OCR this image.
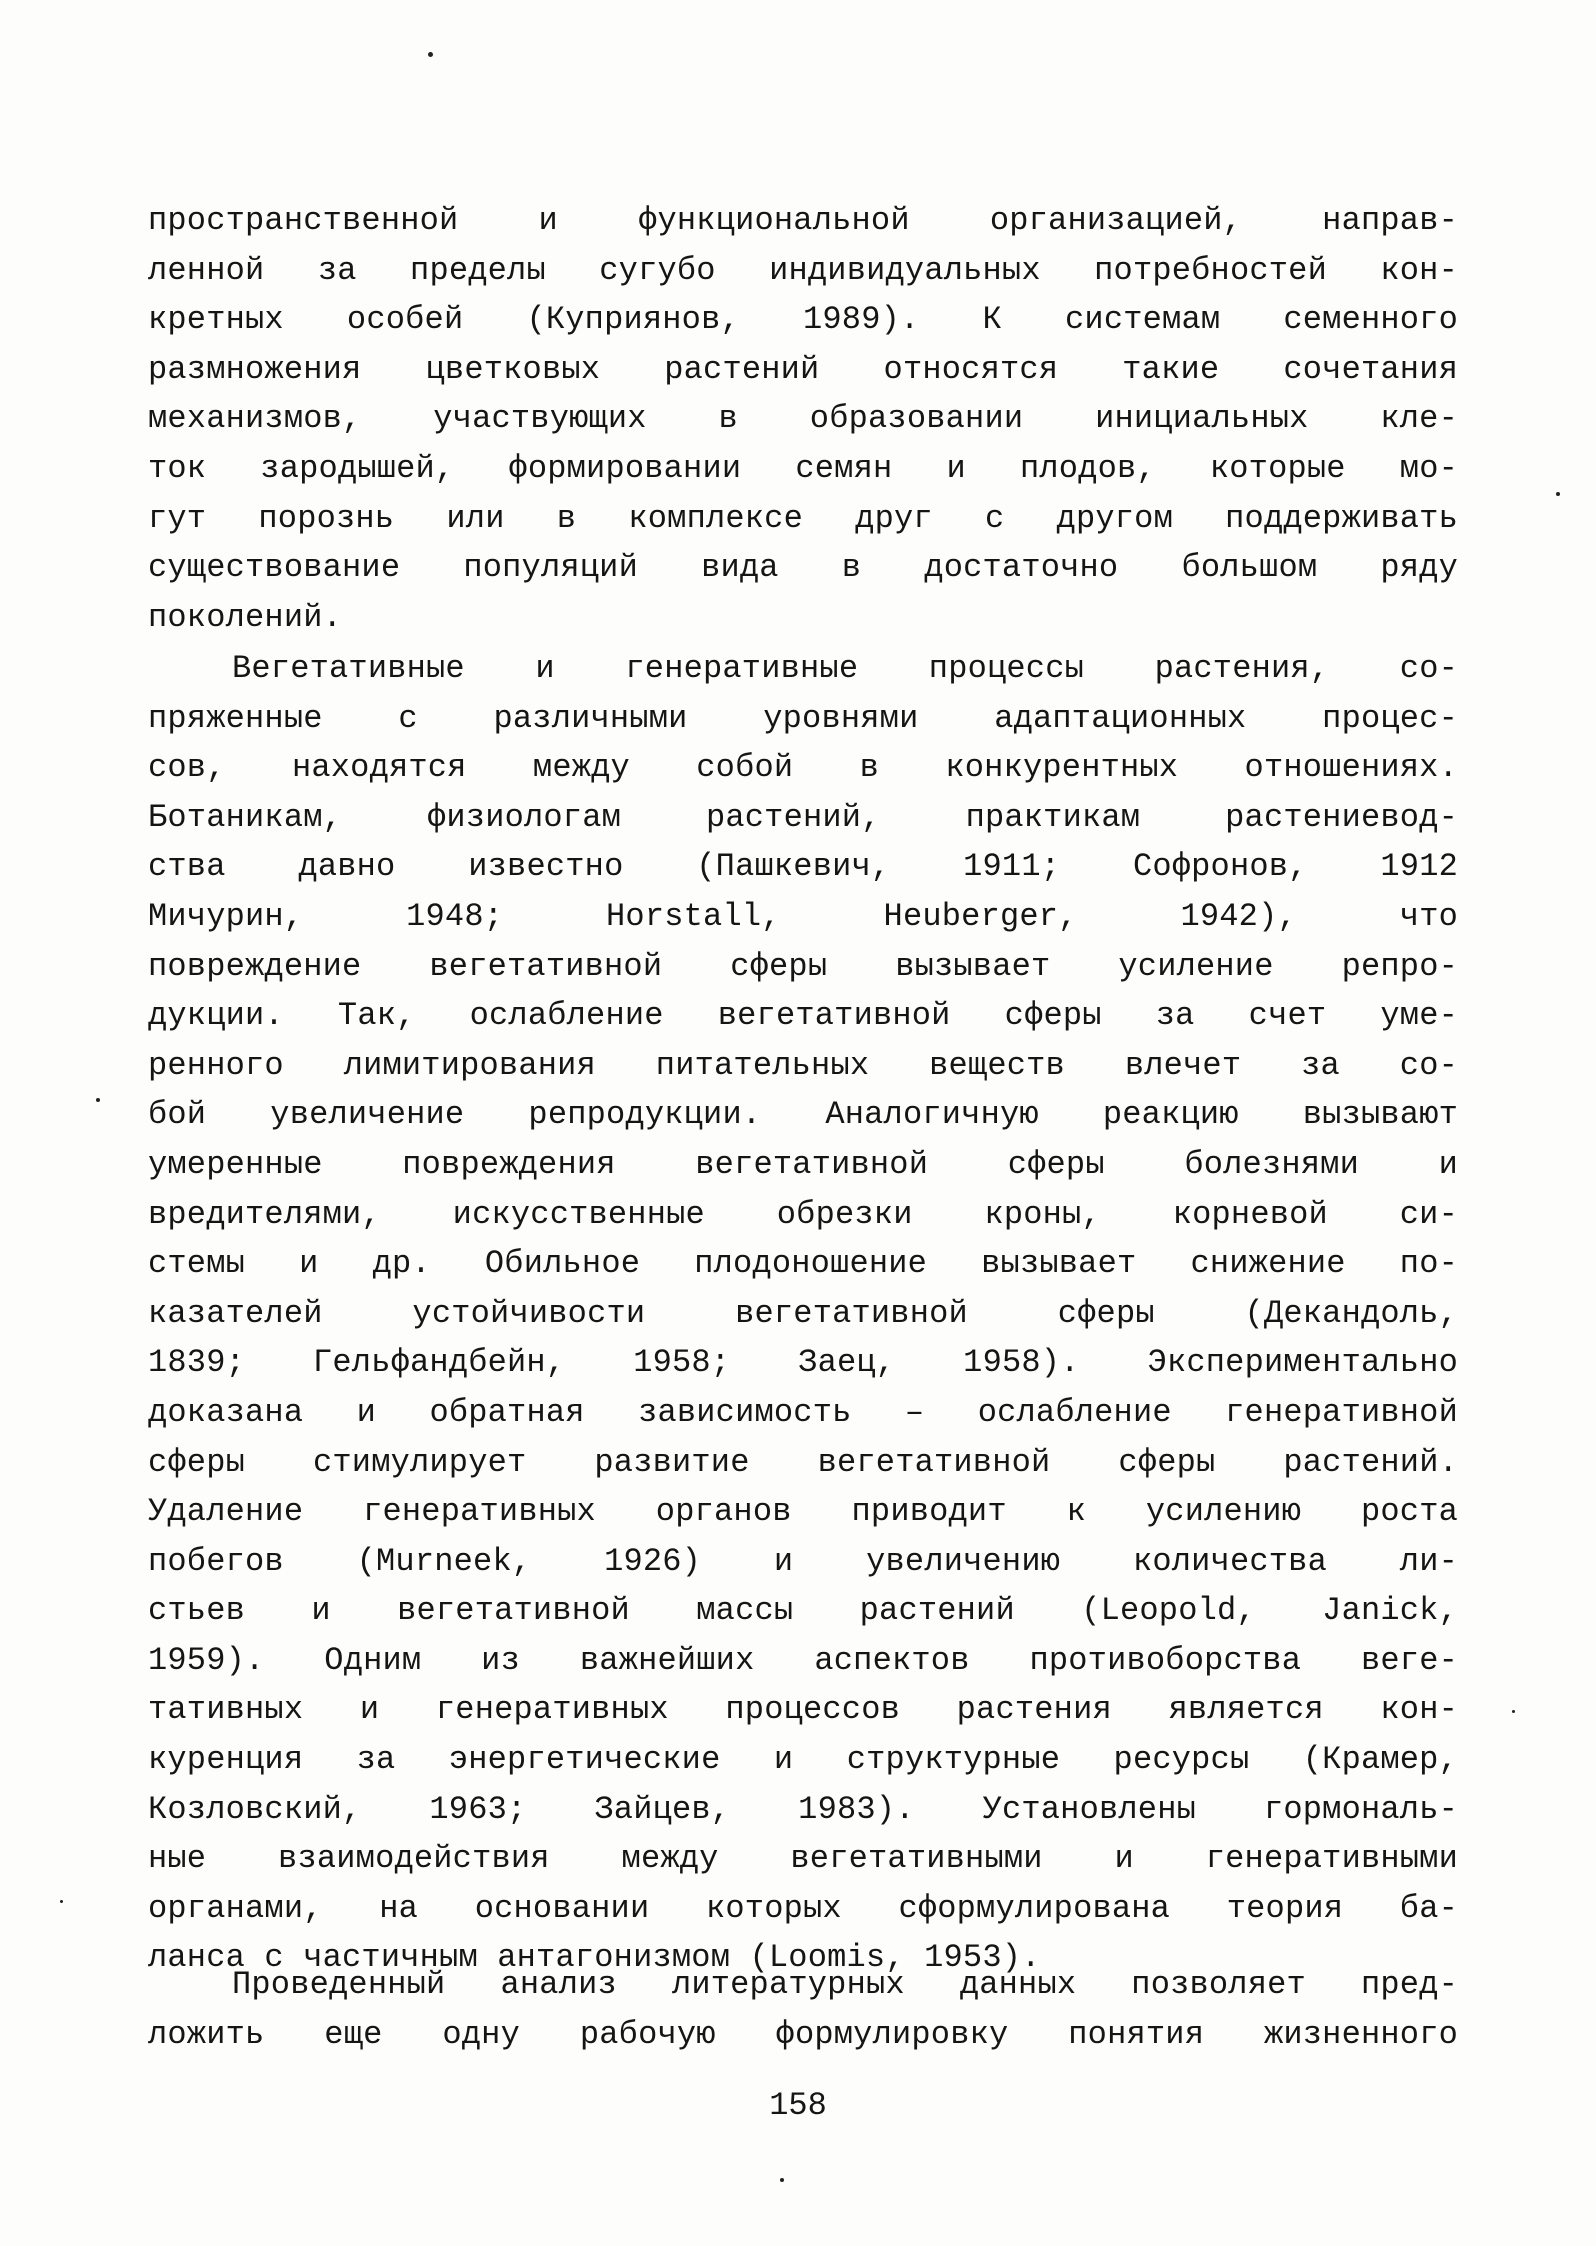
пространственной и функциональной организацией, направ-
ленной за пределы сугубо индивидуальных потребностей кон-
кретных особей (Куприянов, 1989). К системам семенного
размножения цветковых растений относятся такие сочетания
механизмов, участвующих в образовании инициальных кле-
ток зародышей, формировании семян и плодов, которые мо-
гут порознь или в комплексе друг с другом поддерживать
существование популяций вида в достаточно большом ряду
поколений.
Вегетативные и генеративные процессы растения, со-
пряженные с различными уровнями адаптационных процес-
сов, находятся между собой в конкурентных отношениях.
Ботаникам, физиологам растений, практикам растениевод-
ства давно известно (Пашкевич, 1911; Софронов, 1912
Мичурин, 1948; Horstall, Heuberger, 1942), что
повреждение вегетативной сферы вызывает усиление репро-
дукции. Так, ослабление вегетативной сферы за счет уме-
ренного лимитирования питательных веществ влечет за со-
бой увеличение репродукции. Аналогичную реакцию вызывают
умеренные повреждения вегетативной сферы болезнями и
вредителями, искусственные обрезки кроны, корневой си-
стемы и др. Обильное плодоношение вызывает снижение по-
казателей устойчивости вегетативной сферы (Декандоль,
1839; Гельфандбейн, 1958; Заец, 1958). Экспериментально
доказана и обратная зависимость – ослабление генеративной
сферы стимулирует развитие вегетативной сферы растений.
Удаление генеративных органов приводит к усилению роста
побегов (Murneek, 1926) и увеличению количества ли-
стьев и вегетативной массы растений (Leopold, Janick,
1959). Одним из важнейших аспектов противоборства веге-
тативных и генеративных процессов растения является кон-
куренция за энергетические и структурные ресурсы (Крамер,
Козловский, 1963; Зайцев, 1983). Установлены гормональ-
ные взаимодействия между вегетативными и генеративными
органами, на основании которых сформулирована теория ба-
ланса с частичным антагонизмом (Loomis, 1953).
Проведенный анализ литературных данных позволяет пред-
ложить еще одну рабочую формулировку понятия жизненного
158
